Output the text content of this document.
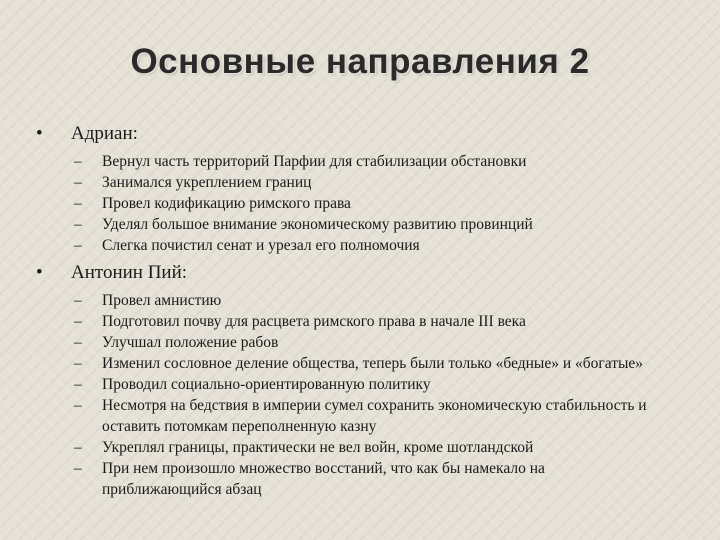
Основные направления 2
• Адриан:
– Вернул часть территорий Парфии для стабилизации обстановки
– Занимался укреплением границ
– Провел кодификацию римского права
– Уделял большое внимание экономическому развитию провинций
– Слегка почистил сенат и урезал его полномочия
• Антонин Пий:
– Провел амнистию
– Подготовил почву для расцвета римского права в начале III века
– Улучшал положение рабов
– Изменил сословное деление общества, теперь были только «бедные» и «богатые»
– Проводил социально-ориентированную политику
– Несмотря на бедствия в империи сумел сохранить экономическую стабильность и оставить потомкам переполненную казну
– Укреплял границы, практически не вел войн, кроме шотландской
– При нем произошло множество восстаний, что как бы намекало на приближающийся абзац
